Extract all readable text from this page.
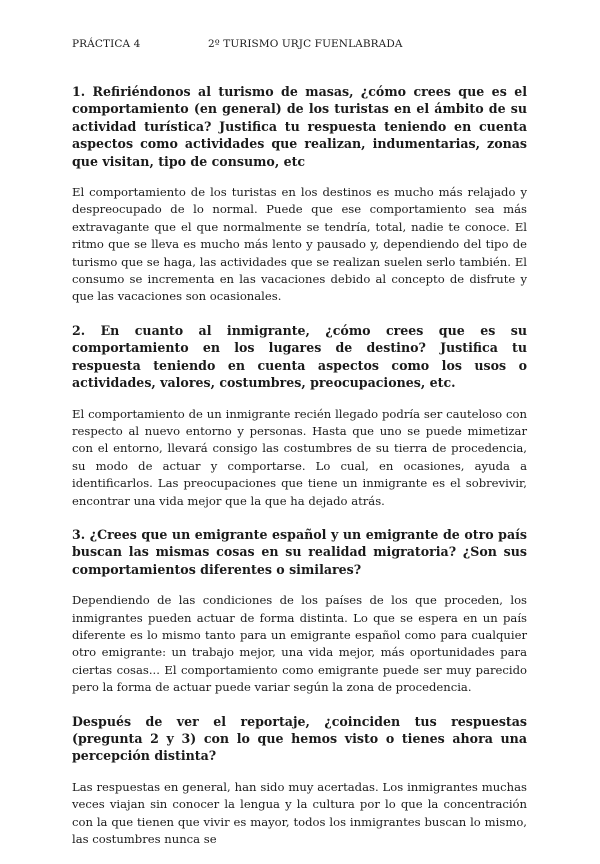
PRÁCTICA 4	2º TURISMO URJC FUENLABRADA

1. Refiriéndonos al turismo de masas, ¿cómo crees que es el comportamiento (en general) de los turistas en el ámbito de su actividad turística? Justifica tu respuesta teniendo en cuenta aspectos como actividades que realizan, indumentarias, zonas que visitan, tipo de consumo, etc

El comportamiento de los turistas en los destinos es mucho más relajado y despreocupado de lo normal. Puede que ese comportamiento sea más extravagante que el que normalmente se tendría, total, nadie te conoce. El ritmo que se lleva es mucho más lento y pausado y, dependiendo del tipo de turismo que se haga, las actividades que se realizan suelen serlo también. El consumo se incrementa en las vacaciones debido al concepto de disfrute y que las vacaciones son ocasionales.

2. En cuanto al inmigrante, ¿cómo crees que es su comportamiento en los lugares de destino? Justifica tu respuesta teniendo en cuenta aspectos como los usos o actividades, valores, costumbres, preocupaciones, etc.

El comportamiento de un inmigrante recién llegado podría ser cauteloso con respecto al nuevo entorno y personas. Hasta que uno se puede mimetizar con el entorno, llevará consigo las costumbres de su tierra de procedencia, su modo de actuar y comportarse. Lo cual, en ocasiones, ayuda a identificarlos. Las preocupaciones que tiene un inmigrante es el sobrevivir, encontrar una vida mejor que la que ha dejado atrás.

3. ¿Crees que un emigrante español y un emigrante de otro país buscan las mismas cosas en su realidad migratoria? ¿Son sus comportamientos diferentes o similares?

Dependiendo de las condiciones de los países de los que proceden, los inmigrantes pueden actuar de forma distinta. Lo que se espera en un país diferente es lo mismo tanto para un emigrante español como para cualquier otro emigrante: un trabajo mejor, una vida mejor, más oportunidades para ciertas cosas... El comportamiento como emigrante puede ser muy parecido pero la forma de actuar puede variar según la zona de procedencia.

Después de ver el reportaje, ¿coinciden tus respuestas (pregunta 2 y 3) con lo que hemos visto o tienes ahora una percepción distinta?

Las respuestas en general, han sido muy acertadas. Los inmigrantes muchas veces viajan sin conocer la lengua y la cultura por lo que la concentración con la que tienen que vivir es mayor, todos los inmigrantes buscan lo mismo, las costumbres nunca se
